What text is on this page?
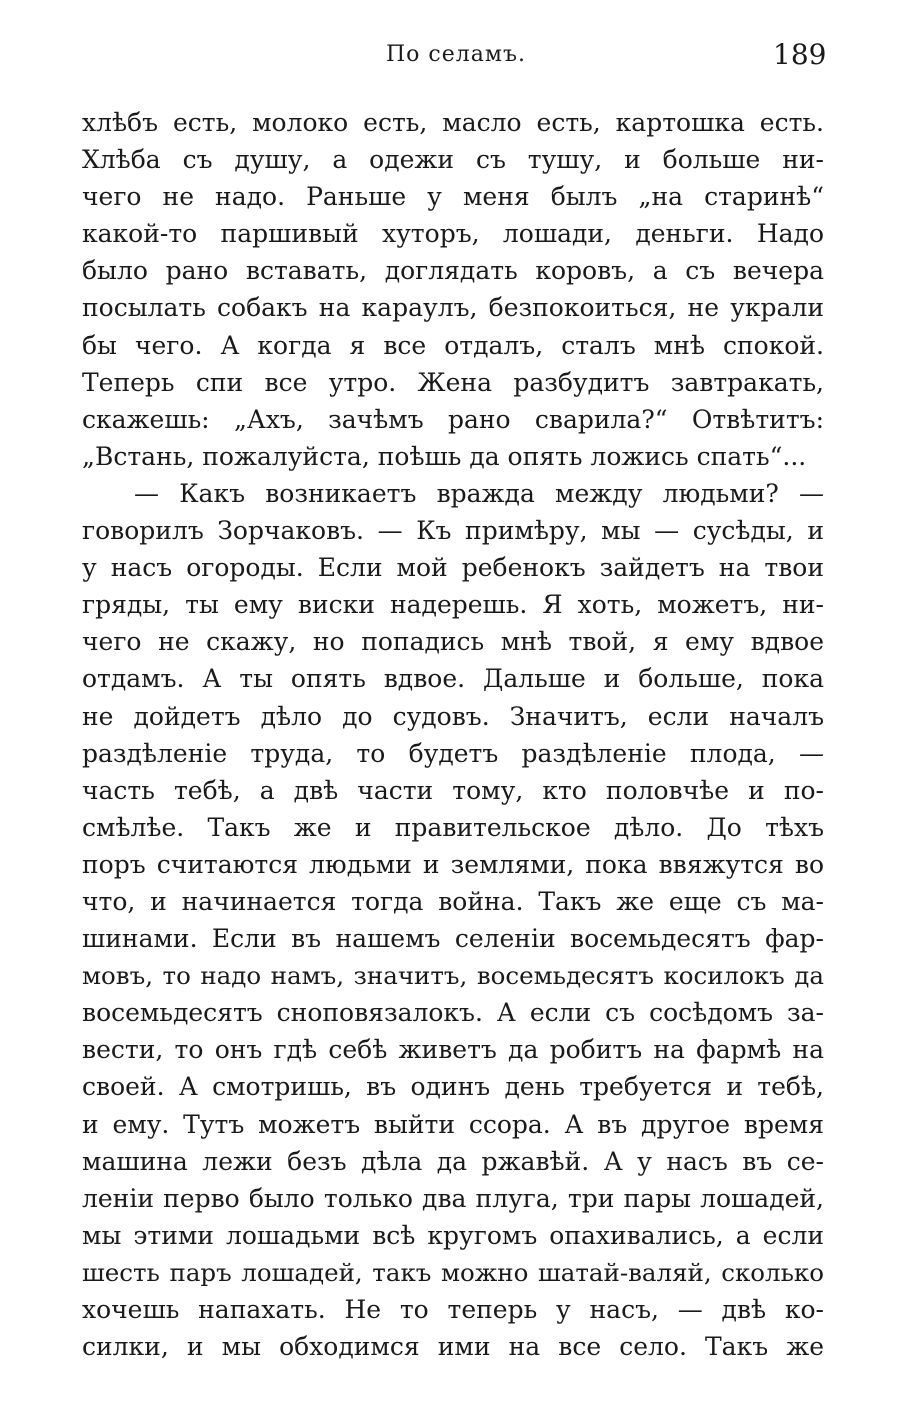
По селамъ.	189
хлѣбъ есть, молоко есть, масло есть, картошка есть.
Хлѣба съ душу, а одежи съ тушу, и больше ни-
чего не надо. Раньше у меня былъ „на старинѣ“
какой-то паршивый хуторъ, лошади, деньги. Надо
было рано вставать, доглядать коровъ, а съ вечера
посылать собакъ на караулъ, безпокоиться, не украли
бы чего. А когда я все отдалъ, сталъ мнѣ спокой.
Теперь спи все утро. Жена разбудитъ завтракать,
скажешь: „Ахъ, зачѣмъ рано сварила?“ Отвѣтитъ:
„Встань, пожалуйста, поѣшь да опять ложись спать“...
— Какъ возникаетъ вражда между людьми? —
говорилъ Зорчаковъ. — Къ примѣру, мы — сусѣды, и
у насъ огороды. Если мой ребенокъ зайдетъ на твои
гряды, ты ему виски надерешь. Я хоть, можетъ, ни-
чего не скажу, но попадись мнѣ твой, я ему вдвое
отдамъ. А ты опять вдвое. Дальше и больше, пока
не дойдетъ дѣло до судовъ. Значитъ, если началъ
раздѣленіе труда, то будетъ раздѣленіе плода, —
часть тебѣ, а двѣ части тому, кто половчѣе и по-
смѣлѣе. Такъ же и правительское дѣло. До тѣхъ
поръ считаются людьми и землями, пока ввяжутся во
что, и начинается тогда война. Такъ же еще съ ма-
шинами. Если въ нашемъ селеніи восемьдесятъ фар-
мовъ, то надо намъ, значитъ, восемьдесятъ косилокъ да
восемьдесятъ сноповязалокъ. А если съ сосѣдомъ за-
вести, то онъ гдѣ себѣ живетъ да робитъ на фармѣ на
своей. А смотришь, въ одинъ день требуется и тебѣ,
и ему. Тутъ можетъ выйти ссора. А въ другое время
машина лежи безъ дѣла да ржавѣй. А у насъ въ се-
леніи перво было только два плуга, три пары лошадей,
мы этими лошадьми всѣ кругомъ опахивались, а если
шесть паръ лошадей, такъ можно шатай-валяй, сколько
хочешь напахать. Не то теперь у насъ, — двѣ ко-
силки, и мы обходимся ими на все село. Такъ же
